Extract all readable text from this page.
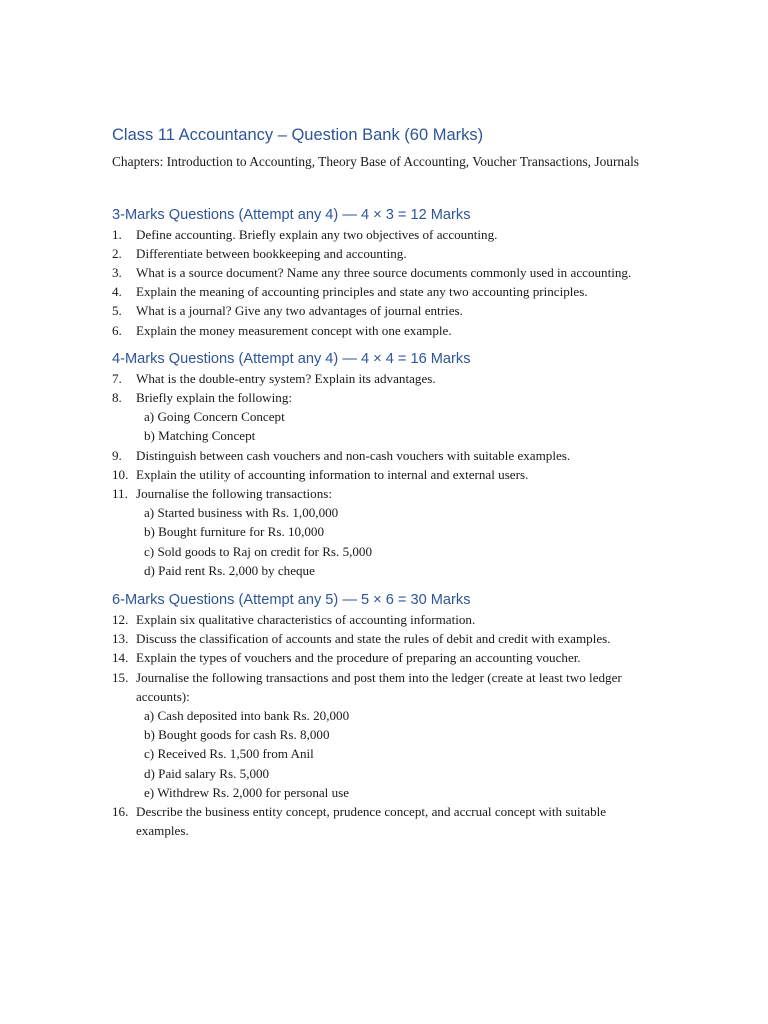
Class 11 Accountancy – Question Bank (60 Marks)
Chapters: Introduction to Accounting, Theory Base of Accounting, Voucher Transactions, Journals
3-Marks Questions (Attempt any 4) — 4 × 3 = 12 Marks
1. Define accounting. Briefly explain any two objectives of accounting.
2. Differentiate between bookkeeping and accounting.
3. What is a source document? Name any three source documents commonly used in accounting.
4. Explain the meaning of accounting principles and state any two accounting principles.
5. What is a journal? Give any two advantages of journal entries.
6. Explain the money measurement concept with one example.
4-Marks Questions (Attempt any 4) — 4 × 4 = 16 Marks
7. What is the double-entry system? Explain its advantages.
8. Briefly explain the following:
a) Going Concern Concept
b) Matching Concept
9. Distinguish between cash vouchers and non-cash vouchers with suitable examples.
10. Explain the utility of accounting information to internal and external users.
11. Journalise the following transactions:
a) Started business with Rs. 1,00,000
b) Bought furniture for Rs. 10,000
c) Sold goods to Raj on credit for Rs. 5,000
d) Paid rent Rs. 2,000 by cheque
6-Marks Questions (Attempt any 5) — 5 × 6 = 30 Marks
12. Explain six qualitative characteristics of accounting information.
13. Discuss the classification of accounts and state the rules of debit and credit with examples.
14. Explain the types of vouchers and the procedure of preparing an accounting voucher.
15. Journalise the following transactions and post them into the ledger (create at least two ledger accounts):
a) Cash deposited into bank Rs. 20,000
b) Bought goods for cash Rs. 8,000
c) Received Rs. 1,500 from Anil
d) Paid salary Rs. 5,000
e) Withdrew Rs. 2,000 for personal use
16. Describe the business entity concept, prudence concept, and accrual concept with suitable examples.
